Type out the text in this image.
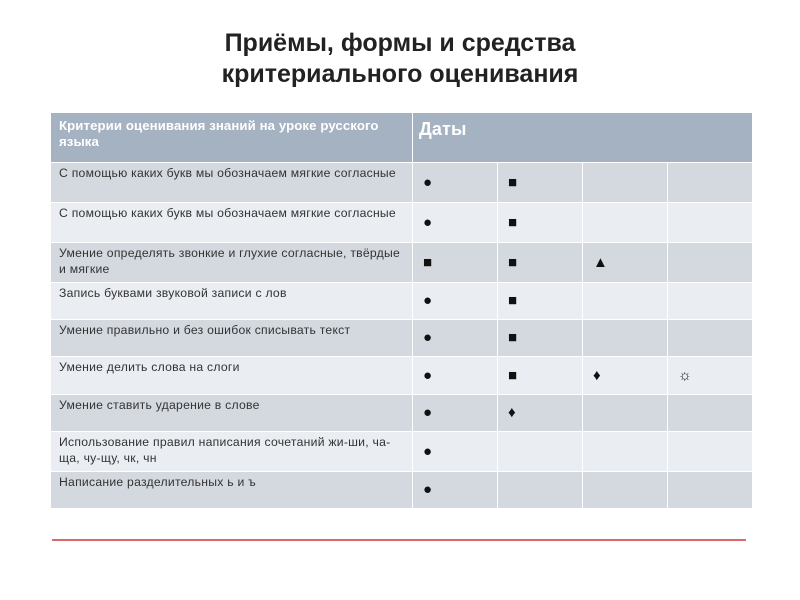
Приёмы, формы и средства
критериального оценивания
Критерии оценивания знаний на уроке русского языка	Даты			
С помощью каких букв мы обозначаем мягкие согласные	●	■		
С помощью каких букв мы обозначаем мягкие согласные	●	■		
Умение определять звонкие и глухие согласные, твёрдые и мягкие	■	■	▲	
Запись буквами звуковой записи с лов	●	■		
Умение правильно и без ошибок списывать текст	●	■		
Умение делить слова на слоги	●	■	♦	☼
Умение ставить ударение в слове	●	♦		
Использование правил написания сочетаний жи-ши, ча-ща, чу-щу, чк, чн	●			
Написание разделительных ь и ъ	●			
